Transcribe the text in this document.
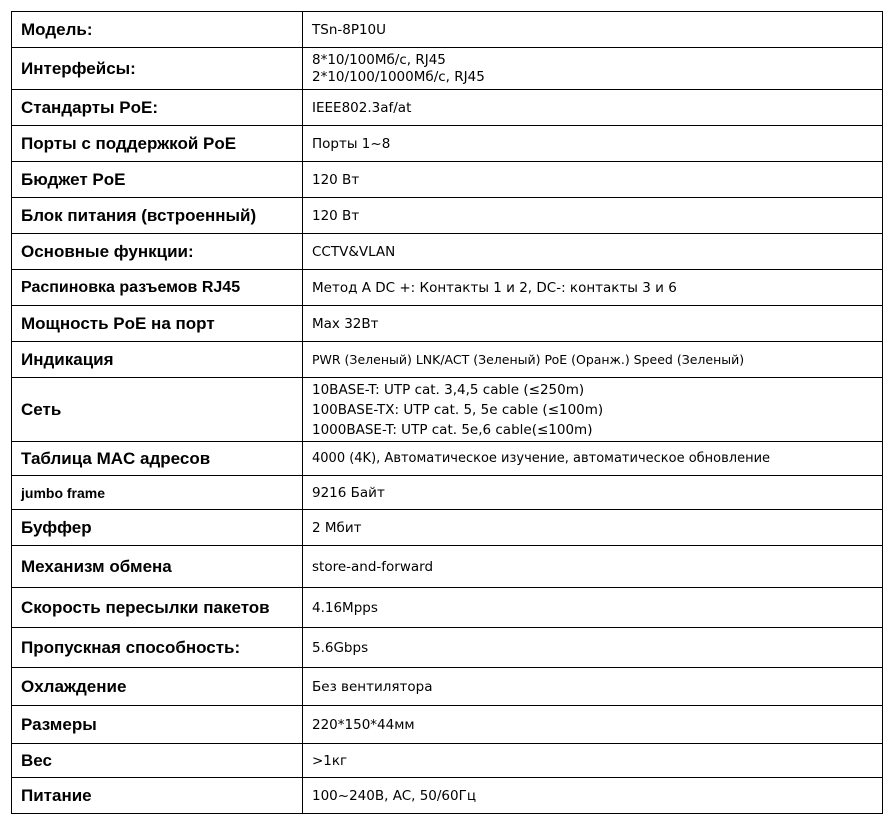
Модель:	TSn-8P10U
Интерфейсы:	8*10/100Мб/с, RJ45
2*10/100/1000Мб/с, RJ45
Стандарты PoE:	IEEE802.3af/at
Порты с поддержкой PoE	Порты 1~8
Бюджет PoE	120 Вт
Блок питания (встроенный)	120 Вт
Основные функции:	CCTV&VLAN
Распиновка разъемов RJ45	Метод A DC +: Контакты 1 и 2, DC-: контакты 3 и 6
Мощность PoE на порт	Max 32Вт
Индикация	PWR (Зеленый) LNK/ACT (Зеленый) PoE (Оранж.) Speed (Зеленый)
Сеть	10BASE-T: UTP cat. 3,4,5 cable (≤250m)
100BASE-TX: UTP cat. 5, 5e cable (≤100m)
1000BASE-T: UTP cat. 5e,6 cable(≤100m)
Таблица MAC адресов	4000 (4K), Автоматическое изучение, автоматическое обновление
jumbo frame	9216 Байт
Буффер	2 Мбит
Механизм обмена	store-and-forward
Скорость пересылки пакетов	4.16Mpps
Пропускная способность:	5.6Gbps
Охлаждение	Без вентилятора
Размеры	220*150*44мм
Вес	>1кг
Питание	100~240В, AC, 50/60Гц
